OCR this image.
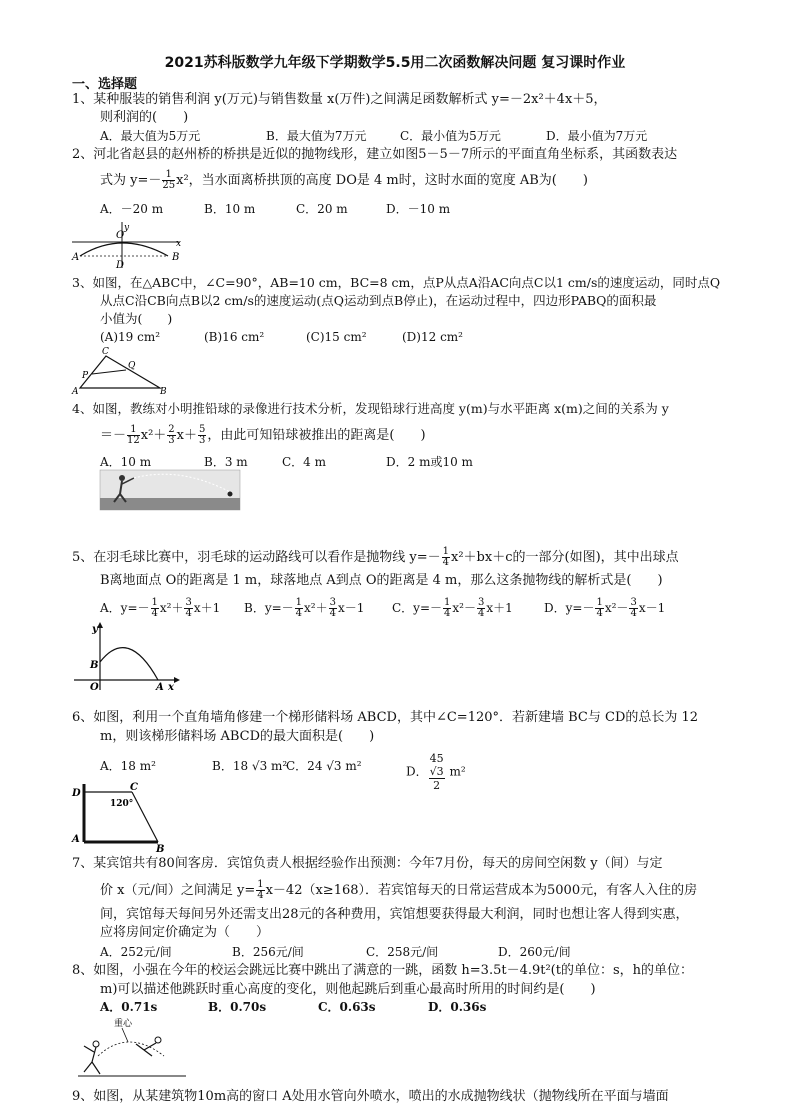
2021苏科版数学九年级下学期数学5.5用二次函数解决问题 复习课时作业
一、选择题
1、某种服装的销售利润 y(万元)与销售数量 x(万件)之间满足函数解析式 y=－2x²＋4x＋5，
则利润的(　　)
A．最大值为5万元	B．最大值为7万元	C．最小值为5万元	D．最小值为7万元
2、河北省赵县的赵州桥的桥拱是近似的抛物线形，建立如图5－5－7所示的平面直角坐标系，其函数表达
式为 $y=- \frac{1}{25} x^2$，当水面离桥拱顶的高度 DO是 4 m时，这时水面的宽度 AB为(　　)
A．－20 m	B．10 m	C．20 m	D．－10 m
O
y
x
D
A	B
3、如图，在△ABC中，∠C=90°，AB=10 cm，BC=8 cm，点P从点A沿AC向点C以1 cm/s的速度运动，同时点Q
从点C沿CB向点B以2 cm/s的速度运动(点Q运动到点B停止)，在运动过程中，四边形PABQ的面积最
小值为(　　)
(A)19 cm²	(B)16 cm²	(C)15 cm²	(D)12 cm²
C
P
Q
A	B
4、如图，教练对小明推铅球的录像进行技术分析，发现铅球行进高度 y(m)与水平距离 x(m)之间的关系为 y
＝－ $\frac{1}{12} x^2+ \frac{2}{3} x+ \frac{5}{3}$ ，由此可知铅球被推出的距离是(　　)
A．10 m	B．3 m	C．4 m	D．2 m或10 m
5、在羽毛球比赛中，羽毛球的运动路线可以看作是抛物线 $y=- \frac{1}{4} x^2+bx+c$的一部分(如图)，其中出球点
B离地面点 O的距离是 1 m，球落地点 A到点 O的距离是 4 m，那么这条抛物线的解析式是(　　)
A．$y=- \frac{1}{4} x^2+ \frac{3}{4} x+1$ B．$y=- \frac{1}{4} x^2+ \frac{3}{4} x-1$ C．$y=- \frac{1}{4} x^2- \frac{3}{4} x+1$	D．$y=- \frac{1}{4} x^2- \frac{3}{4} x-1$
y
B
O	A x
6、如图，利用一个直角墙角修建一个梯形储料场 ABCD，其中∠C=120°．若新建墙 BC与 CD的总长为 12
m，则该梯形储料场 ABCD的最大面积是(　　)
A．18 m²	B．18 √3 m²
C．24 √3 m²	D． 45
√3
2 m²
D
C
120°
A
B
7、某宾馆共有80间客房．宾馆负责人根据经验作出预测：今年7月份，每天的房间空闲数 y（间）与定
价 x（元/间）之间满足 $y= \frac{1}{4} x-42(x\ge 168)$．若宾馆每天的日常运营成本为5000元，有客人入住的房
间，宾馆每天每间另外还需支出28元的各种费用，宾馆想要获得最大利润，同时也想让客人得到实惠，
应将房间定价确定为（　　）
A．252元/间	B．256元/间	C．258元/间	D．260元/间
8、如图，小强在今年的校运会跳远比赛中跳出了满意的一跳，函数 h=3.5t－4.9t²(t的单位：s，h的单位：
m)可以描述他跳跃时重心高度的变化，则他起跳后到重心最高时所用的时间约是(　　)
A．0.71s	B．0.70s	C．0.63s	D．0.36s
重心
9、如图，从某建筑物10m高的窗口 A处用水管向外喷水，喷出的水成抛物线状（抛物线所在平面与墙面
